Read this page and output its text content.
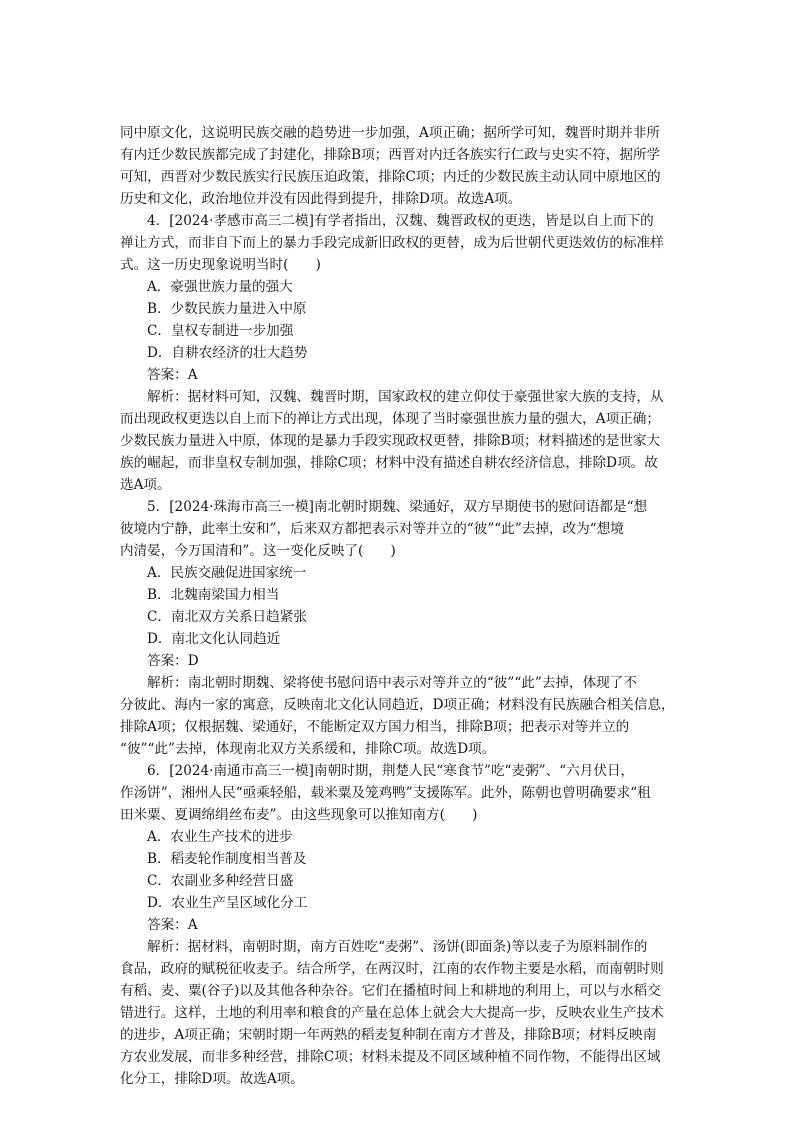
同中原文化，这说明民族交融的趋势进一步加强，A项正确；据所学可知，魏晋时期并非所

有内迁少数民族都完成了封建化，排除B项；西晋对内迁各族实行仁政与史实不符，据所学

可知，西晋对少数民族实行民族压迫政策，排除C项；内迁的少数民族主动认同中原地区的

历史和文化，政治地位并没有因此得到提升，排除D项。故选A项。

4．[2024·孝感市高三二模]有学者指出，汉魏、魏晋政权的更迭，皆是以自上而下的

禅让方式，而非自下而上的暴力手段完成新旧政权的更替，成为后世朝代更迭效仿的标准样

式。这一历史现象说明当时(　　)

A．豪强世族力量的强大

B．少数民族力量进入中原

C．皇权专制进一步加强

D．自耕农经济的壮大趋势

答案：A

解析：据材料可知，汉魏、魏晋时期，国家政权的建立仰仗于豪强世家大族的支持，从

而出现政权更迭以自上而下的禅让方式出现，体现了当时豪强世族力量的强大，A项正确；

少数民族力量进入中原，体现的是暴力手段实现政权更替，排除B项；材料描述的是世家大

族的崛起，而非皇权专制加强，排除C项；材料中没有描述自耕农经济信息，排除D项。故

选A项。

5．[2024·珠海市高三一模]南北朝时期魏、梁通好，双方早期使书的慰问语都是“想

彼境内宁静，此率土安和”，后来双方都把表示对等并立的“彼”“此”去掉，改为“想境

内清晏，今万国清和”。这一变化反映了(　　)

A．民族交融促进国家统一

B．北魏南梁国力相当

C．南北双方关系日趋紧张

D．南北文化认同趋近

答案：D

解析：南北朝时期魏、梁将使书慰问语中表示对等并立的“彼”“此”去掉，体现了不

分彼此、海内一家的寓意，反映南北文化认同趋近，D项正确；材料没有民族融合相关信息，

排除A项；仅根据魏、梁通好，不能断定双方国力相当，排除B项；把表示对等并立的

“彼”“此”去掉，体现南北双方关系缓和，排除C项。故选D项。

6．[2024·南通市高三一模]南朝时期，荆楚人民“寒食节”吃“麦粥”、“六月伏日，

作汤饼”，湘州人民“亟乘轻船，载米粟及笼鸡鸭”支援陈军。此外，陈朝也曾明确要求“租

田米粟、夏调绵绢丝布麦”。由这些现象可以推知南方(　　)

A．农业生产技术的进步

B．稻麦轮作制度相当普及

C．农副业多种经营日盛

D．农业生产呈区域化分工

答案：A

解析：据材料，南朝时期，南方百姓吃“麦粥”、汤饼(即面条)等以麦子为原料制作的

食品，政府的赋税征收麦子。结合所学，在两汉时，江南的农作物主要是水稻，而南朝时则

有稻、麦、粟(谷子)以及其他各种杂谷。它们在播植时间上和耕地的利用上，可以与水稻交

错进行。这样，土地的利用率和粮食的产量在总体上就会大大提高一步，反映农业生产技术

的进步，A项正确；宋朝时期一年两熟的稻麦复种制在南方才普及，排除B项；材料反映南

方农业发展，而非多种经营，排除C项；材料未提及不同区域种植不同作物，不能得出区域

化分工，排除D项。故选A项。
